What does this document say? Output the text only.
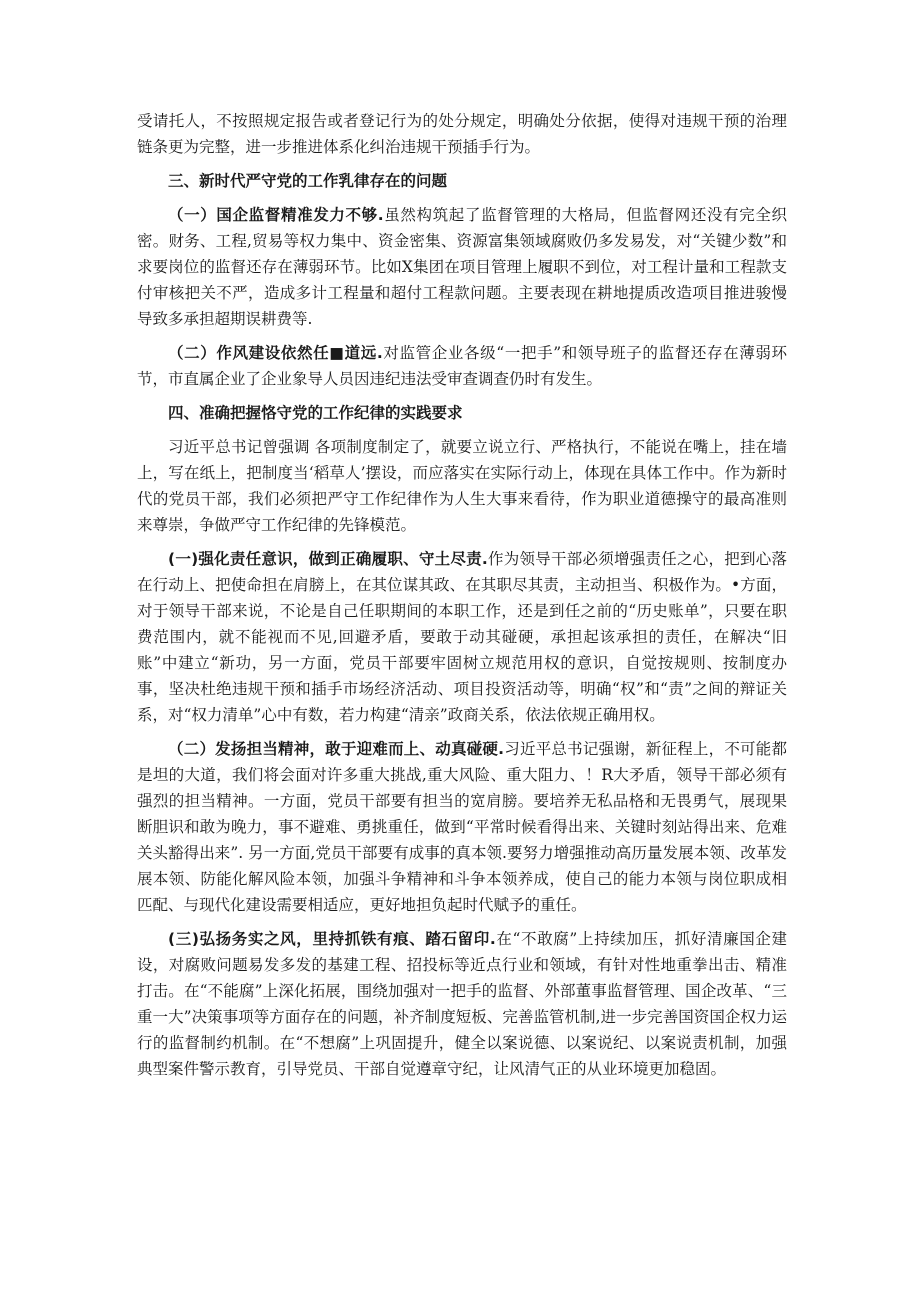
受请托人，不按照规定报告或者登记行为的处分规定，明确处分依据，使得对违规干预的治理链条更为完整，进一步推进体系化纠治违规干预插手行为。

三、新时代严守党的工作乳律存在的问题

（一）国企监督精准发力不够.虽然构筑起了监督管理的大格局，但监督网还没有完全织密。财务、工程,贸易等权力集中、资金密集、资源富集领域腐败仍多发易发，对“关键少数”和求要岗位的监督还存在薄弱环节。比如X集团在项目管理上履职不到位，对工程计量和工程款支付审核把关不严，造成多计工程量和超付工程款问题。主要表现在耕地提质改造项目推进骏慢导致多承担超期误耕费等.

（二）作风建设依然任■道远.对监管企业各级“一把手”和领导班子的监督还存在薄弱环节，市直属企业了企业象导人员因违纪违法受审查调查仍时有发生。

四、准确把握恪守党的工作纪律的实践要求

习近平总书记曾强调 各项制度制定了，就要立说立行、严格执行，不能说在嘴上，挂在墙上，写在纸上，把制度当‘稻草人’摆设，而应落实在实际行动上，体现在具体工作中。作为新时代的党员干部，我们必须把严守工作纪律作为人生大事来看待，作为职业道德操守的最高准则来尊崇，争做严守工作纪律的先锋模范。

(一)强化责任意识，做到正确履职、守土尽责.作为领导干部必须增强责任之心，把到心落在行动上、把使命担在肩膀上，在其位谋其政、在其职尽其责，主动担当、积极作为。•方面，对于领导干部来说，不论是自己任职期间的本职工作，还是到任之前的“历史账单”，只要在职费范围内，就不能视而不见,回避矛盾，要敢于动其碰硬，承担起该承担的责任，在解决“旧账”中建立“新功，另一方面，党员干部要牢固树立规范用权的意识，自觉按规则、按制度办事，坚决杜绝违规干预和插手市场经济活动、项目投资活动等，明确“权”和“责”之间的辩证关系，对“权力清单”心中有数，若力构建“清亲”政商关系，依法依规正确用权。

（二）发扬担当精神，敢于迎难而上、动真碰硬.习近平总书记强谢，新征程上，不可能都是坦的大道，我们将会面对许多重大挑战,重大风险、重大阻力、！R大矛盾，领导干部必须有强烈的担当精神。一方面，党员干部要有担当的宽肩膀。要培养无私品格和无畏勇气，展现果断胆识和敢为晚力，事不避难、勇挑重任，做到“平常时候看得出来、关键时刻站得出来、危难关头豁得出来”. 另一方面,党员干部要有成事的真本领.要努力增强推动高历量发展本领、改革发展本领、防能化解风险本领，加强斗争精神和斗争本领养成，使自己的能力本领与岗位职成相匹配、与现代化建设需要相适应，更好地担负起时代赋予的重任。

(三)弘扬务实之风，里持抓铁有痕、踏石留印.在“不敢腐”上持续加压，抓好清廉国企建设，对腐败问题易发多发的基建工程、招投标等近点行业和领域，有针对性地重拳出击、精准打击。在“不能腐”上深化拓展，围绕加强对一把手的监督、外部董事监督管理、国企改革、“三重一大”决策事项等方面存在的问题，补齐制度短板、完善监管机制,进一步完善国资国企权力运行的监督制约机制。在“不想腐”上巩固提升，健全以案说德、以案说纪、以案说责机制，加强典型案件警示教育，引导党员、干部自觉遵章守纪，让风清气正的从业环境更加稳固。
